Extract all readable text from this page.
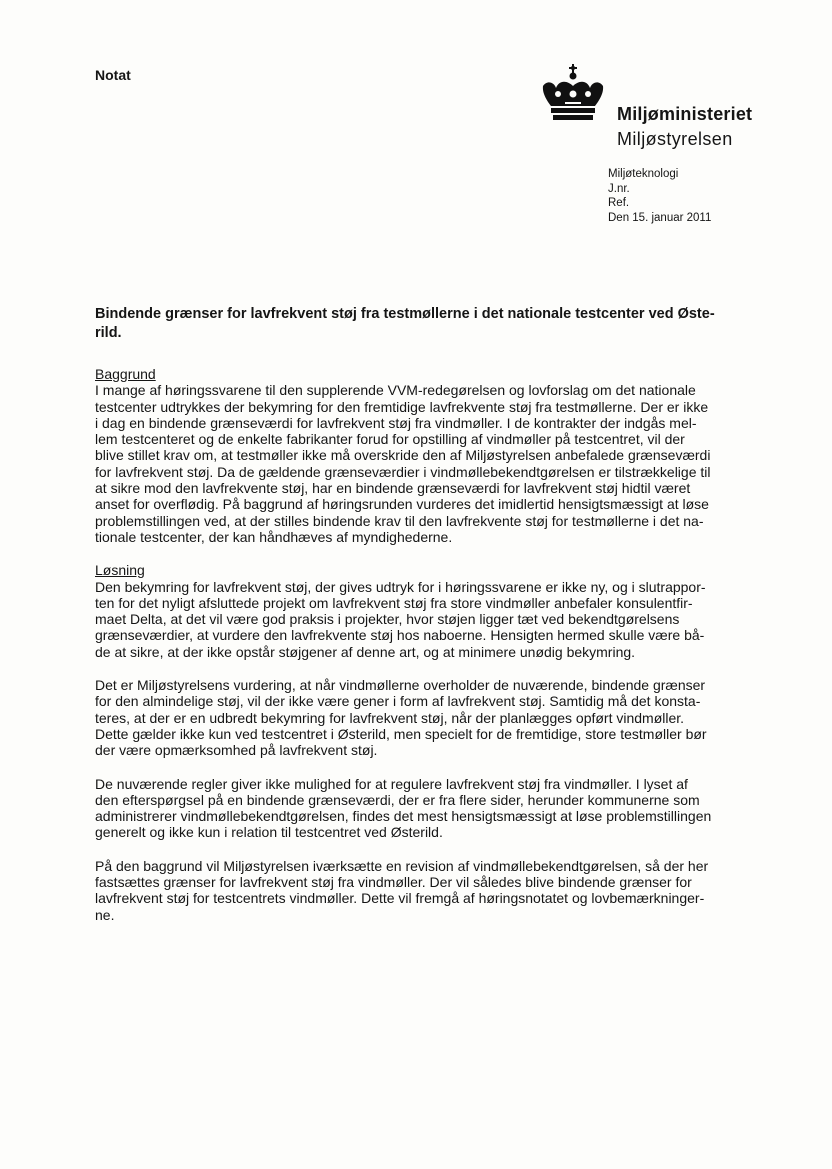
Notat
Miljøministeriet
Miljøstyrelsen
Miljøteknologi
J.nr.
Ref.
Den 15. januar 2011
Bindende grænser for lavfrekvent støj fra testmøllerne i det nationale testcenter ved Øste-
rild.
Baggrund
I mange af høringssvarene til den supplerende VVM-redegørelsen og lovforslag om det nationale
testcenter udtrykkes der bekymring for den fremtidige lavfrekvente støj fra testmøllerne. Der er ikke
i dag en bindende grænseværdi for lavfrekvent støj fra vindmøller. I de kontrakter der indgås mel-
lem testcenteret og de enkelte fabrikanter forud for opstilling af vindmøller på testcentret, vil der
blive stillet krav om, at testmøller ikke må overskride den af Miljøstyrelsen anbefalede grænseværdi
for lavfrekvent støj. Da de gældende grænseværdier i vindmøllebekendtgørelsen er tilstrækkelige til
at sikre mod den lavfrekvente støj, har en bindende grænseværdi for lavfrekvent støj hidtil været
anset for overflødig. På baggrund af høringsrunden vurderes det imidlertid hensigtsmæssigt at løse
problemstillingen ved, at der stilles bindende krav til den lavfrekvente støj for testmøllerne i det na-
tionale testcenter, der kan håndhæves af myndighederne.
Løsning
Den bekymring for lavfrekvent støj, der gives udtryk for i høringssvarene er ikke ny, og i slutrappor-
ten for det nyligt afsluttede projekt om lavfrekvent støj fra store vindmøller anbefaler konsulentfir-
maet Delta, at det vil være god praksis i projekter, hvor støjen ligger tæt ved bekendtgørelsens
grænseværdier, at vurdere den lavfrekvente støj hos naboerne. Hensigten hermed skulle være bå-
de at sikre, at der ikke opstår støjgener af denne art, og at minimere unødig bekymring.
Det er Miljøstyrelsens vurdering, at når vindmøllerne overholder de nuværende, bindende grænser
for den almindelige støj, vil der ikke være gener i form af lavfrekvent støj. Samtidig må det konsta-
teres, at der er en udbredt bekymring for lavfrekvent støj, når der planlægges opført vindmøller.
Dette gælder ikke kun ved testcentret i Østerild, men specielt for de fremtidige, store testmøller bør
der være opmærksomhed på lavfrekvent støj.
De nuværende regler giver ikke mulighed for at regulere lavfrekvent støj fra vindmøller. I lyset af
den efterspørgsel på en bindende grænseværdi, der er fra flere sider, herunder kommunerne som
administrerer vindmøllebekendtgørelsen, findes det mest hensigtsmæssigt at løse problemstillingen
generelt og ikke kun i relation til testcentret ved Østerild.
På den baggrund vil Miljøstyrelsen iværksætte en revision af vindmøllebekendtgørelsen, så der her
fastsættes grænser for lavfrekvent støj fra vindmøller. Der vil således blive bindende grænser for
lavfrekvent støj for testcentrets vindmøller. Dette vil fremgå af høringsnotatet og lovbemærkninger-
ne.
